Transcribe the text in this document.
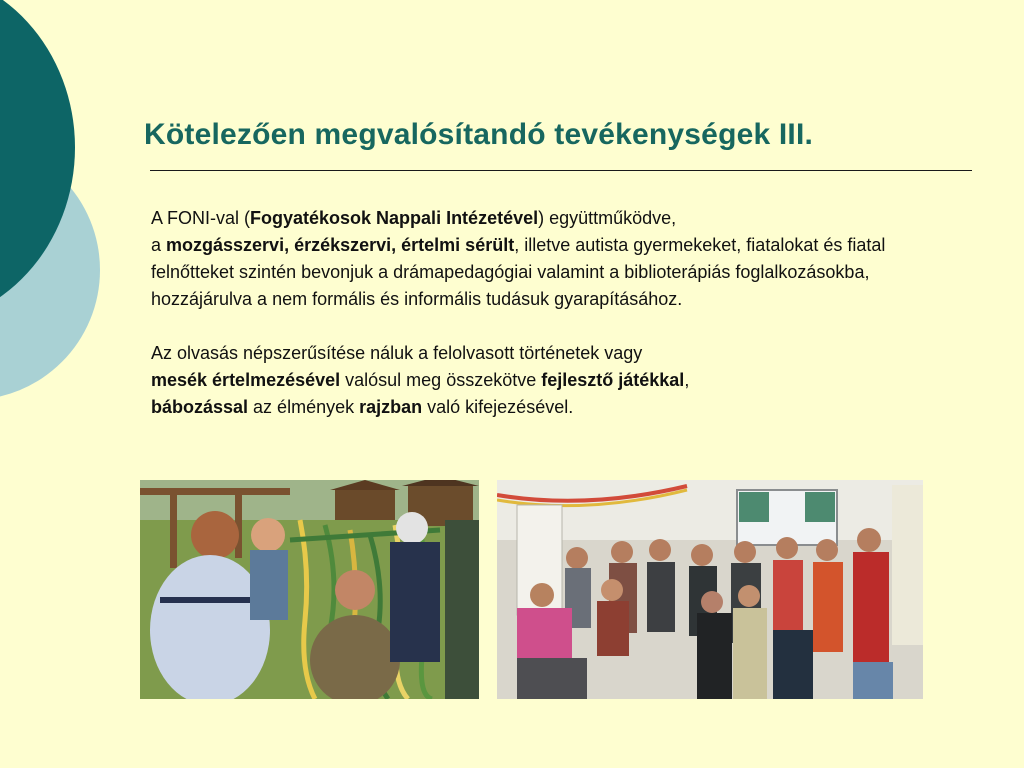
Kötelezően megvalósítandó tevékenységek III.

A FONI-val (Fogyatékosok Nappali Intézetével) együttműködve,
a mozgásszervi, érzékszervi, értelmi sérült, illetve autista gyermekeket, fiatalokat és fiatal felnőtteket szintén bevonjuk a drámapedagógiai valamint a biblioterápiás foglalkozásokba, hozzájárulva a nem formális és informális tudásuk gyarapításához.

Az olvasás népszerűsítése náluk a felolvasott történetek vagy
mesék értelmezésével valósul meg összekötve fejlesztő játékkal,
bábozással az élmények rajzban való kifejezésével.
